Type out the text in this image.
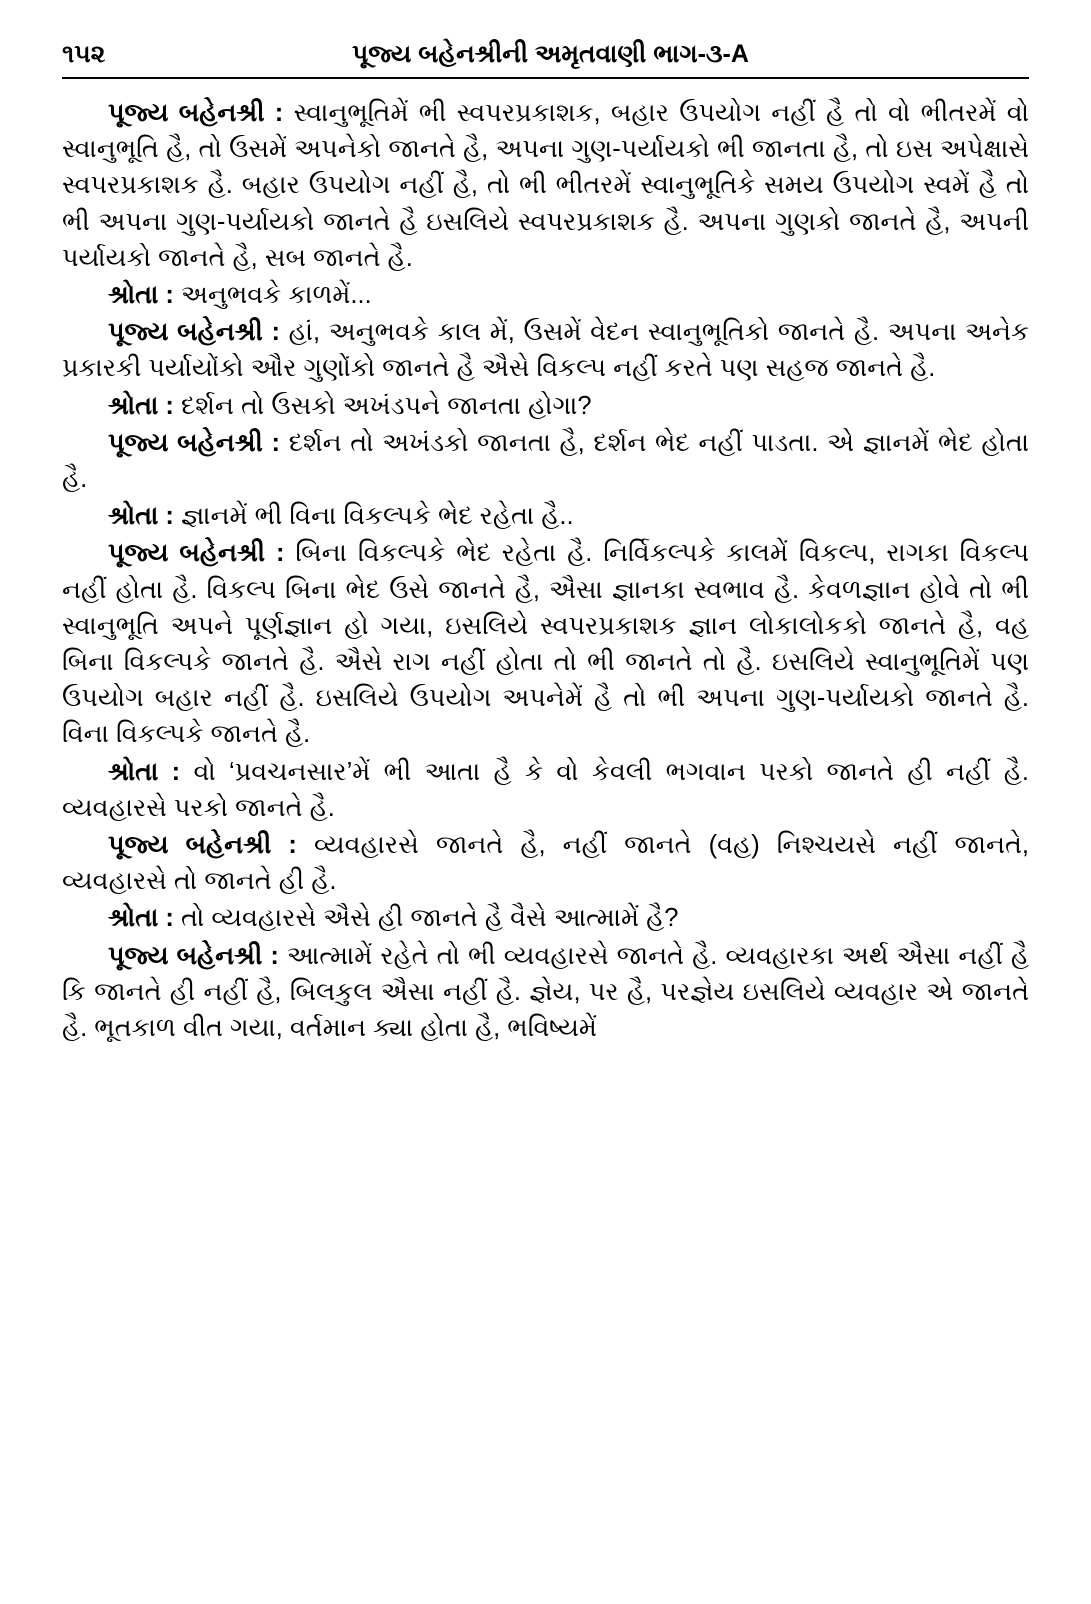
૧૫૨	પૂજ્ય બહેનશ્રીની અમૃતવાણી ભાગ-૩-A

પૂજ્ય બહેનશ્રી : સ્વાનુભૂતિમેં ભી સ્વપરપ્રકાશક, બહાર ઉપયોગ નહીં હૈ તો વો ભીતરમેં વો સ્વાનુભૂતિ હૈ, તો ઉસમેં અપનેકો જાનતે હૈ, અપના ગુણ-પર્યાયકો ભી જાનતા હૈ, તો ઇસ અપેક્ષાસે સ્વપરપ્રકાશક હૈ. બહાર ઉપયોગ નહીં હૈ, તો ભી ભીતરમેં સ્વાનુભૂતિકે સમય ઉપયોગ સ્વમેં હૈ તો ભી અપના ગુણ-પર્યાયકો જાનતે હૈ ઇસલિયે સ્વપરપ્રકાશક હૈ. અપના ગુણકો જાનતે હૈ, અપની પર્યાયકો જાનતે હૈ, સબ જાનતે હૈ.

શ્રોતા : અનુભવકે કાળમેં...

પૂજ્ય બહેનશ્રી : હાં, અનુભવકે કાલ મેં, ઉસમેં વેદન સ્વાનુભૂતિકો જાનતે હૈ. અપના અનેક પ્રકારકી પર્યાયોંકો ઔર ગુણોંકો જાનતે હૈ ઐસે વિકલ્પ નહીં કરતે પણ સહજ જાનતે હૈ.

શ્રોતા : દર્શન તો ઉસકો અખંડપને જાનતા હોગા?

પૂજ્ય બહેનશ્રી : દર્શન તો અખંડકો જાનતા હૈ, દર્શન ભેદ નહીં પાડતા. એ જ્ઞાનમેં ભેદ હોતા હૈ.

શ્રોતા : જ્ઞાનમેં ભી વિના વિકલ્પકે ભેદ રહેતા હૈ..

પૂજ્ય બહેનશ્રી : બિના વિકલ્પકે ભેદ રહેતા હૈ. નિર્વિકલ્પકે કાલમેં વિકલ્પ, રાગકા વિકલ્પ નહીં હોતા હૈ. વિકલ્પ બિના ભેદ ઉસે જાનતે હૈ, ઐસા જ્ઞાનકા સ્વભાવ હૈ. કેવળજ્ઞાન હોવે તો ભી સ્વાનુભૂતિ અપને પૂર્ણજ્ઞાન હો ગયા, ઇસલિયે સ્વપરપ્રકાશક જ્ઞાન લોકાલોકકો જાનતે હૈ, વહ બિના વિકલ્પકે જાનતે હૈ. ઐસે રાગ નહીં હોતા તો ભી જાનતે તો હૈ. ઇસલિયે સ્વાનુભૂતિમેં પણ ઉપયોગ બહાર નહીં હૈ. ઇસલિયે ઉપયોગ અપનેમેં હૈ તો ભી અપના ગુણ-પર્યાયકો જાનતે હૈ. વિના વિકલ્પકે જાનતે હૈ.

શ્રોતા : વો ‘પ્રવચનસાર’મેં ભી આતા હૈ કે વો કેવલી ભગવાન પરકો જાનતે હી નહીં હૈ. વ્યવહારસે પરકો જાનતે હૈ.

પૂજ્ય બહેનશ્રી : વ્યવહારસે જાનતે હૈ, નહીં જાનતે (વહ) નિશ્ચયસે નહીં જાનતે, વ્યવહારસે તો જાનતે હી હૈ.

શ્રોતા : તો વ્યવહારસે ઐસે હી જાનતે હૈ વૈસે આત્મામેં હૈ?

પૂજ્ય બહેનશ્રી : આત્મામેં રહેતે તો ભી વ્યવહારસે જાનતે હૈ. વ્યવહારકા અર્થ ઐસા નહીં હૈ કિ જાનતે હી નહીં હૈ, બિલકુલ ઐસા નહીં હૈ. જ્ઞેય, પર હૈ, પરજ્ઞેય ઇસલિયે વ્યવહાર એ જાનતે હૈ. ભૂતકાળ વીત ગયા, વર્તમાન ક્યા હોતા હૈ, ભવિષ્યમેં
